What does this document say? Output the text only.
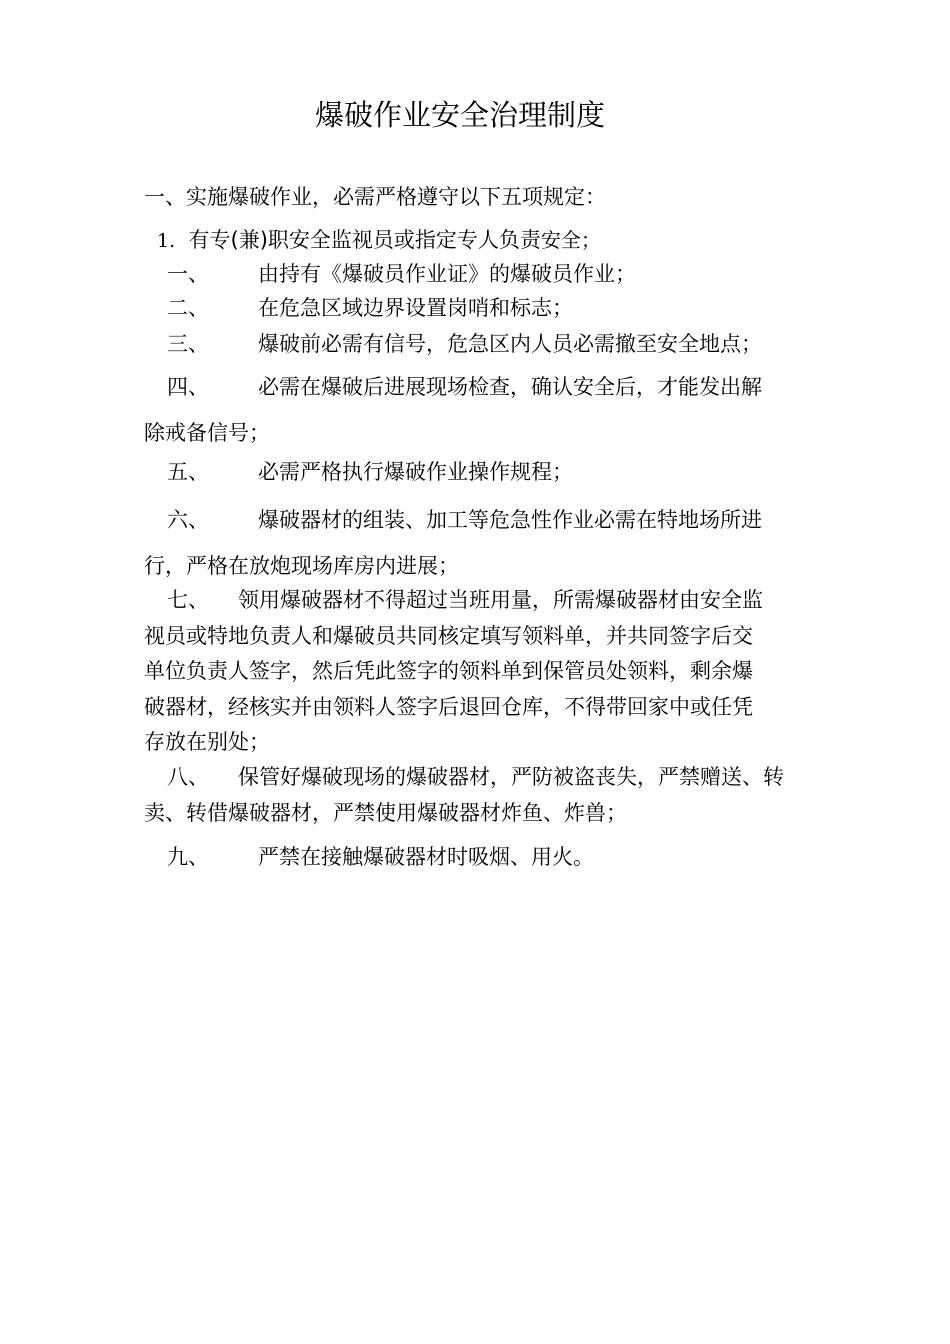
爆破作业安全治理制度

一、实施爆破作业，必需严格遵守以下五项规定：

1. 有专(兼)职安全监视员或指定专人负责安全；

一、 由持有《爆破员作业证》的爆破员作业；
二、 在危急区域边界设置岗哨和标志；
三、 爆破前必需有信号，危急区内人员必需撤至安全地点；
四、 必需在爆破后进展现场检查，确认安全后，才能发出解
除戒备信号；
五、 必需严格执行爆破作业操作规程；
六、 爆破器材的组装、加工等危急性作业必需在特地场所进
行，严格在放炮现场库房内进展；
七、 领用爆破器材不得超过当班用量，所需爆破器材由安全监
视员或特地负责人和爆破员共同核定填写领料单，并共同签字后交
单位负责人签字，然后凭此签字的领料单到保管员处领料，剩余爆
破器材，经核实并由领料人签字后退回仓库，不得带回家中或任凭
存放在别处；
八、 保管好爆破现场的爆破器材，严防被盗丧失，严禁赠送、转
卖、转借爆破器材，严禁使用爆破器材炸鱼、炸兽；
九、 严禁在接触爆破器材时吸烟、用火。
